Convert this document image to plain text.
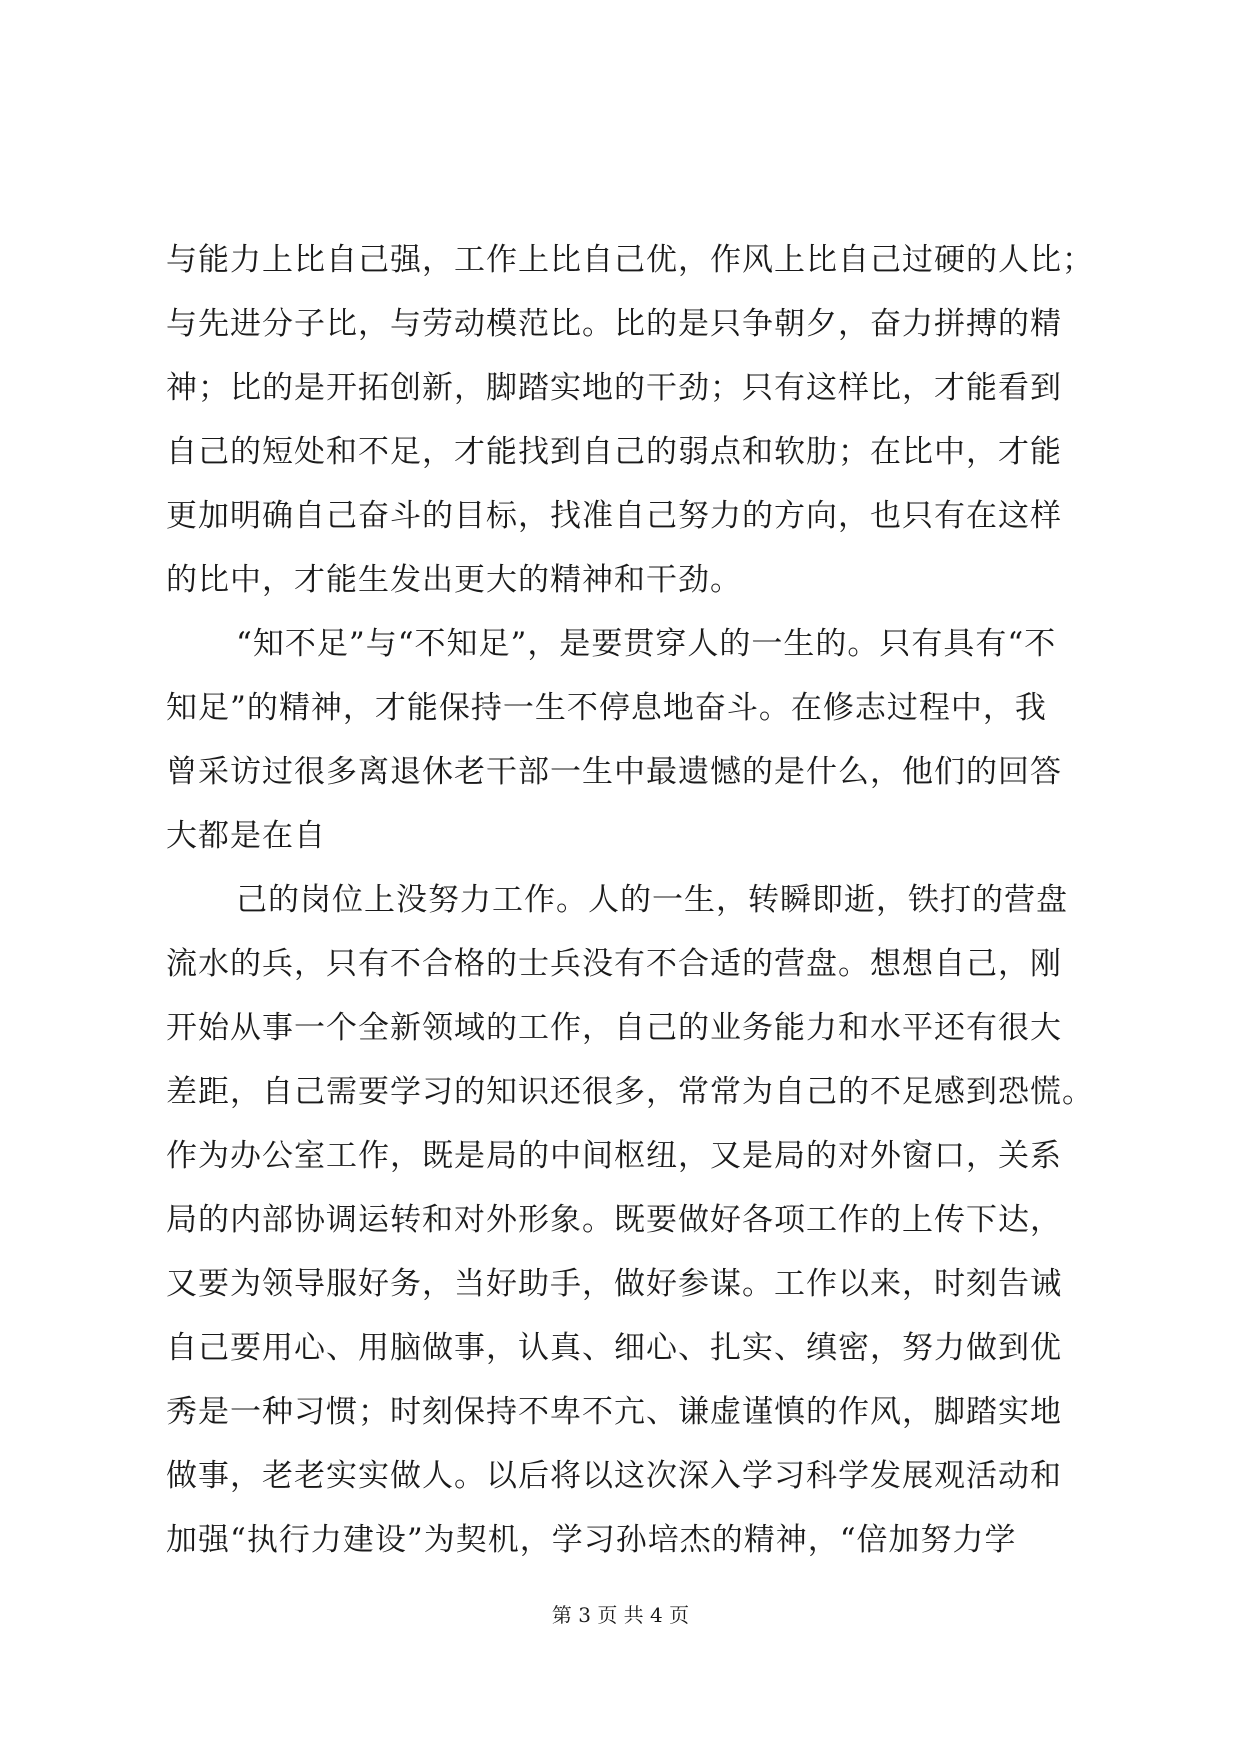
与能力上比自己强，工作上比自己优，作风上比自己过硬的人比；
与先进分子比，与劳动模范比。比的是只争朝夕，奋力拼搏的精
神；比的是开拓创新，脚踏实地的干劲；只有这样比，才能看到
自己的短处和不足，才能找到自己的弱点和软肋；在比中，才能
更加明确自己奋斗的目标，找准自己努力的方向，也只有在这样
的比中，才能生发出更大的精神和干劲。
“知不足”与“不知足”，是要贯穿人的一生的。只有具有“不
知足”的精神，才能保持一生不停息地奋斗。在修志过程中，我
曾采访过很多离退休老干部一生中最遗憾的是什么，他们的回答
大都是在自
己的岗位上没努力工作。人的一生，转瞬即逝，铁打的营盘
流水的兵，只有不合格的士兵没有不合适的营盘。想想自己，刚
开始从事一个全新领域的工作，自己的业务能力和水平还有很大
差距，自己需要学习的知识还很多，常常为自己的不足感到恐慌。
作为办公室工作，既是局的中间枢纽，又是局的对外窗口，关系
局的内部协调运转和对外形象。既要做好各项工作的上传下达，
又要为领导服好务，当好助手，做好参谋。工作以来，时刻告诫
自己要用心、用脑做事，认真、细心、扎实、缜密，努力做到优
秀是一种习惯；时刻保持不卑不亢、谦虚谨慎的作风，脚踏实地
做事，老老实实做人。以后将以这次深入学习科学发展观活动和
加强“执行力建设”为契机，学习孙培杰的精神，“倍加努力学
第 3 页 共 4 页
